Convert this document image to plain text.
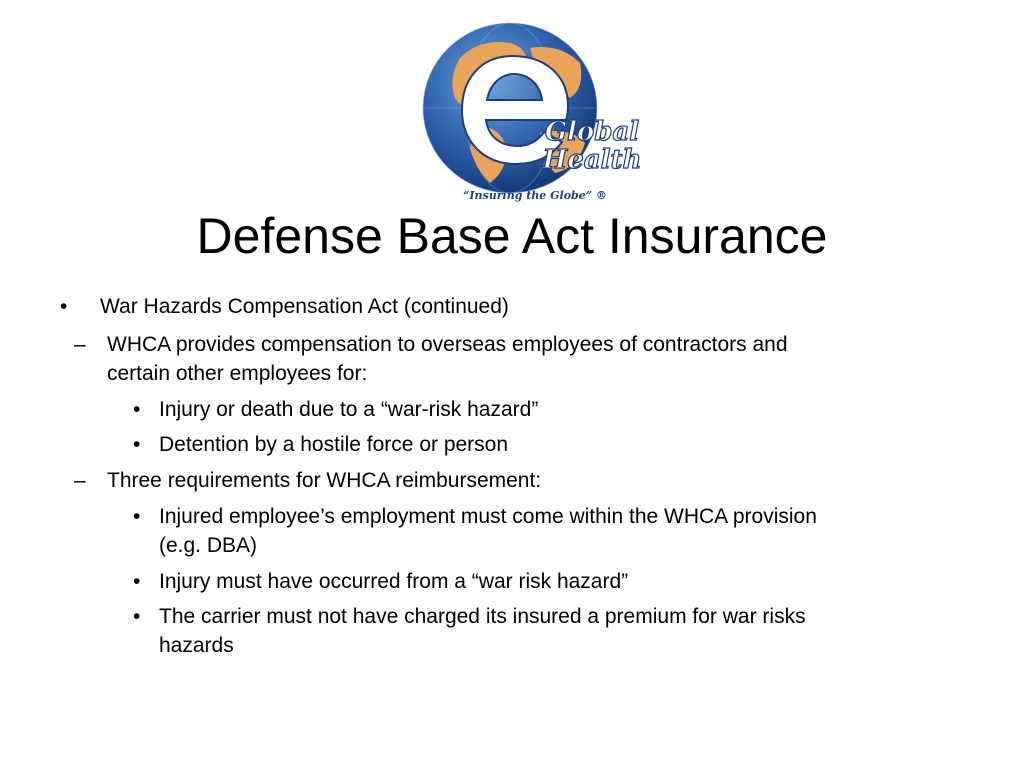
Global
Health
“Insuring the Globe” ®
Defense Base Act Insurance
• War Hazards Compensation Act (continued)
– WHCA provides compensation to overseas employees of contractors and
certain other employees for:
• Injury or death due to a “war-risk hazard”
• Detention by a hostile force or person
– Three requirements for WHCA reimbursement:
• Injured employee’s employment must come within the WHCA provision
(e.g. DBA)
• Injury must have occurred from a “war risk hazard”
• The carrier must not have charged its insured a premium for war risks
hazards
